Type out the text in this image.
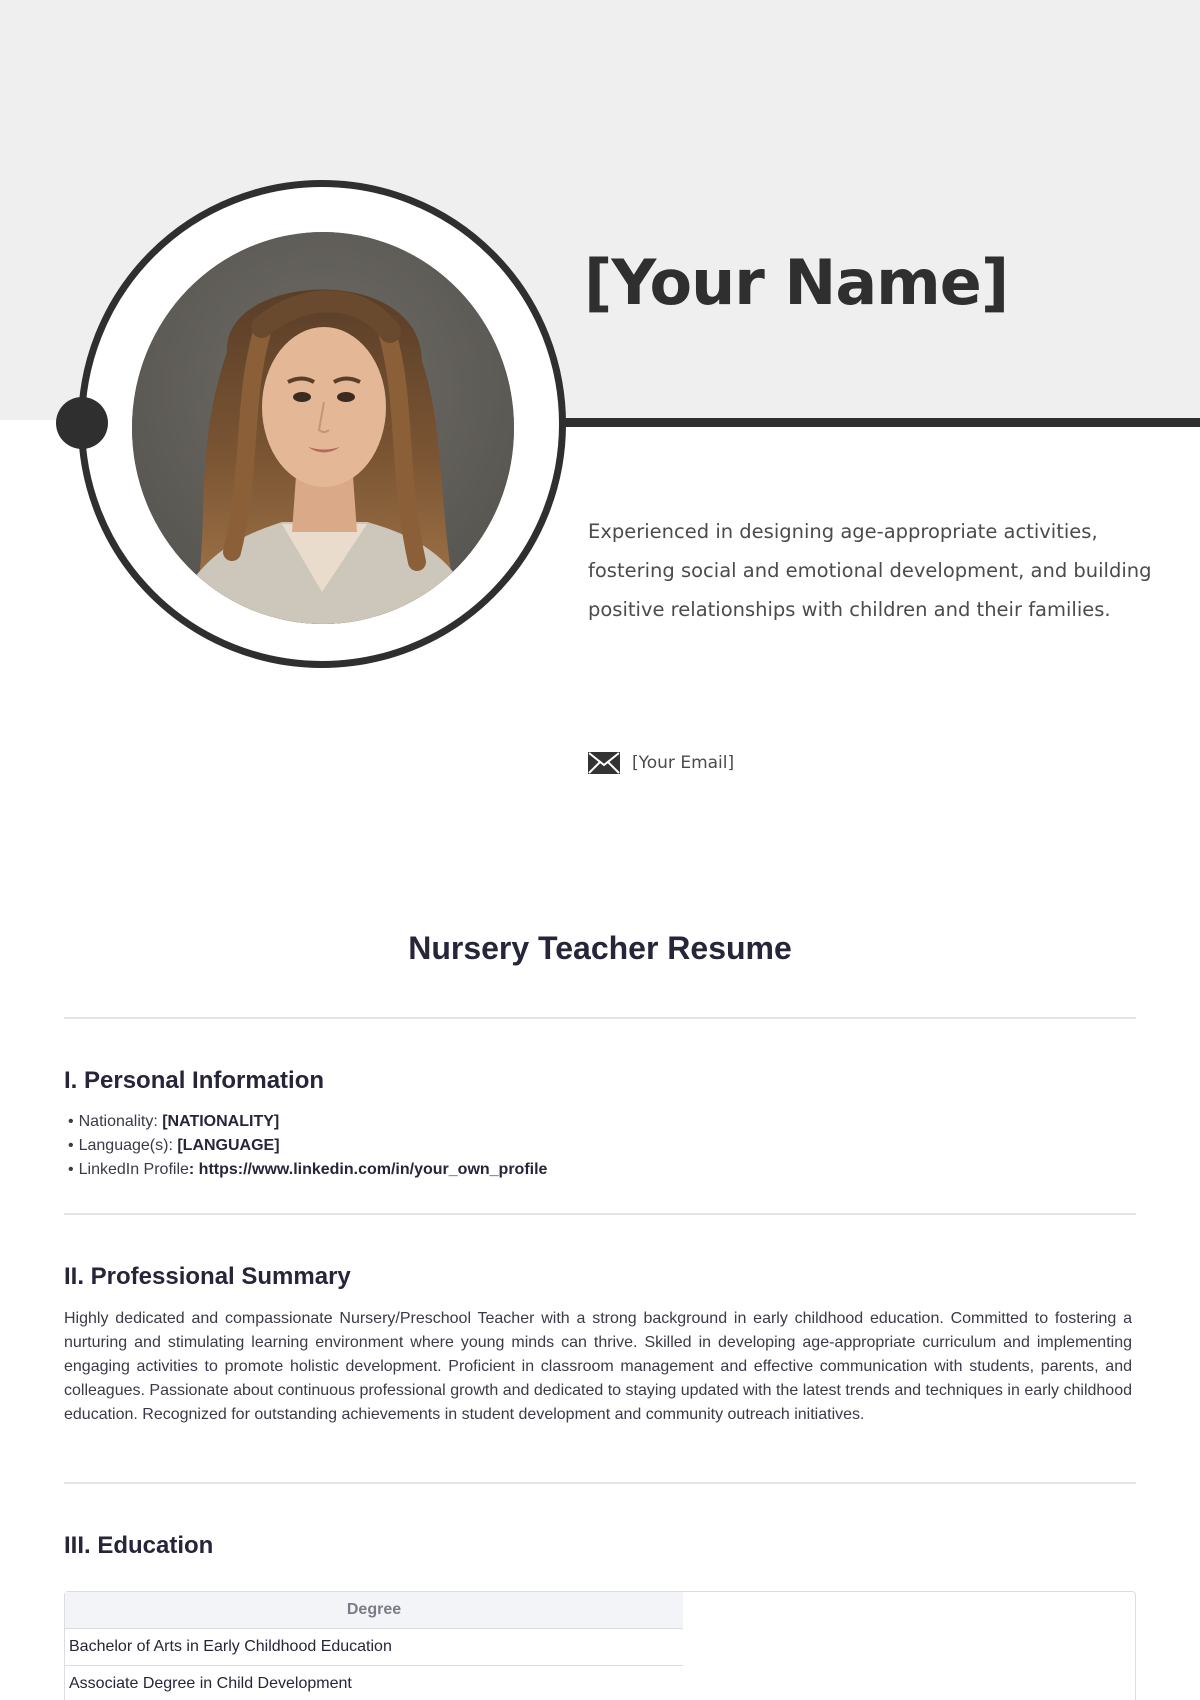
[Your Name]

Experienced in designing age-appropriate activities, fostering social and emotional development, and building positive relationships with children and their families.

[Your Email]
Nursery Teacher Resume
I. Personal Information
• Nationality: [NATIONALITY]
• Language(s): [LANGUAGE]
• LinkedIn Profile: https://www.linkedin.com/in/your_own_profile
II. Professional Summary

Highly dedicated and compassionate Nursery/Preschool Teacher with a strong background in early childhood education. Committed to fostering a nurturing and stimulating learning environment where young minds can thrive. Skilled in developing age-appropriate curriculum and implementing engaging activities to promote holistic development. Proficient in classroom management and effective communication with students, parents, and colleagues. Passionate about continuous professional growth and dedicated to staying updated with the latest trends and techniques in early childhood education. Recognized for outstanding achievements in student development and community outreach initiatives.

III. Education
Degree
Bachelor of Arts in Early Childhood Education
Associate Degree in Child Development
